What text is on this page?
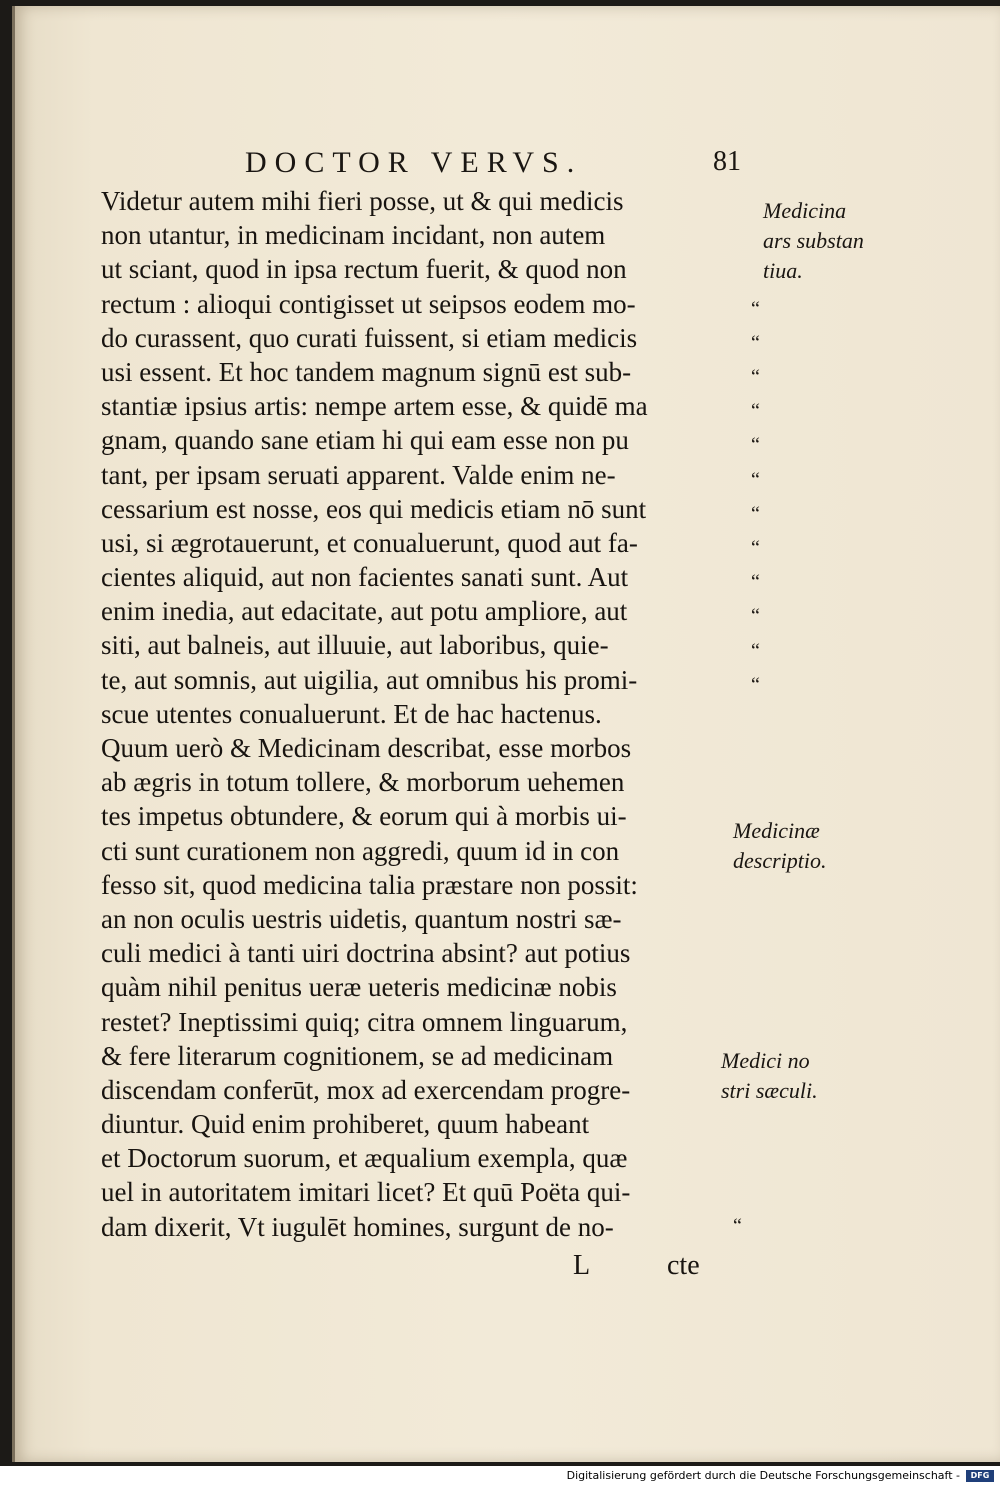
DOCTOR VERVS.	81
Videtur autem mihi fieri posse, ut & qui medicis
non utantur, in medicinam incidant, non autem
ut sciant, quod in ipsa rectum fuerit, & quod non
rectum : alioqui contigisset ut seipsos eodem mo-
do curassent, quo curati fuissent, si etiam medicis
usi essent. Et hoc tandem magnum signū est sub-
stantiæ ipsius artis: nempe artem esse, & quidē ma
gnam, quando sane etiam hi qui eam esse non pu
tant, per ipsam seruati apparent. Valde enim ne-
cessarium est nosse, eos qui medicis etiam nō sunt
usi, si ægrotauerunt, et conualuerunt, quod aut fa-
cientes aliquid, aut non facientes sanati sunt. Aut
enim inedia, aut edacitate, aut potu ampliore, aut
siti, aut balneis, aut illuuie, aut laboribus, quie-
te, aut somnis, aut uigilia, aut omnibus his promi-
scue utentes conualuerunt. Et de hac hactenus.
Quum uerò & Medicinam describat, esse morbos
ab ægris in totum tollere, & morborum uehemen
tes impetus obtundere, & eorum qui à morbis ui-
cti sunt curationem non aggredi, quum id in con
fesso sit, quod medicina talia præstare non possit:
an non oculis uestris uidetis, quantum nostri sæ-
culi medici à tanti uiri doctrina absint? aut potius
quàm nihil penitus ueræ ueteris medicinæ nobis
restet? Ineptissimi quiq; citra omnem linguarum,
& fere literarum cognitionem, se ad medicinam
discendam conferūt, mox ad exercendam progre-
diuntur. Quid enim prohiberet, quum habeant
et Doctorum suorum, et æqualium exempla, quæ
uel in autoritatem imitari licet? Et quū Poëta qui-
dam dixerit, Vt iugulēt homines, surgunt de no-
Medicina
ars substan
tiua.
Medicinæ
descriptio.
Medici no
stri sæculi.
“
“
“
“
“
“
“
“
“
“
“
“
“
L	cte
Digitalisierung gefördert durch die Deutsche Forschungsgemeinschaft -	DFG
